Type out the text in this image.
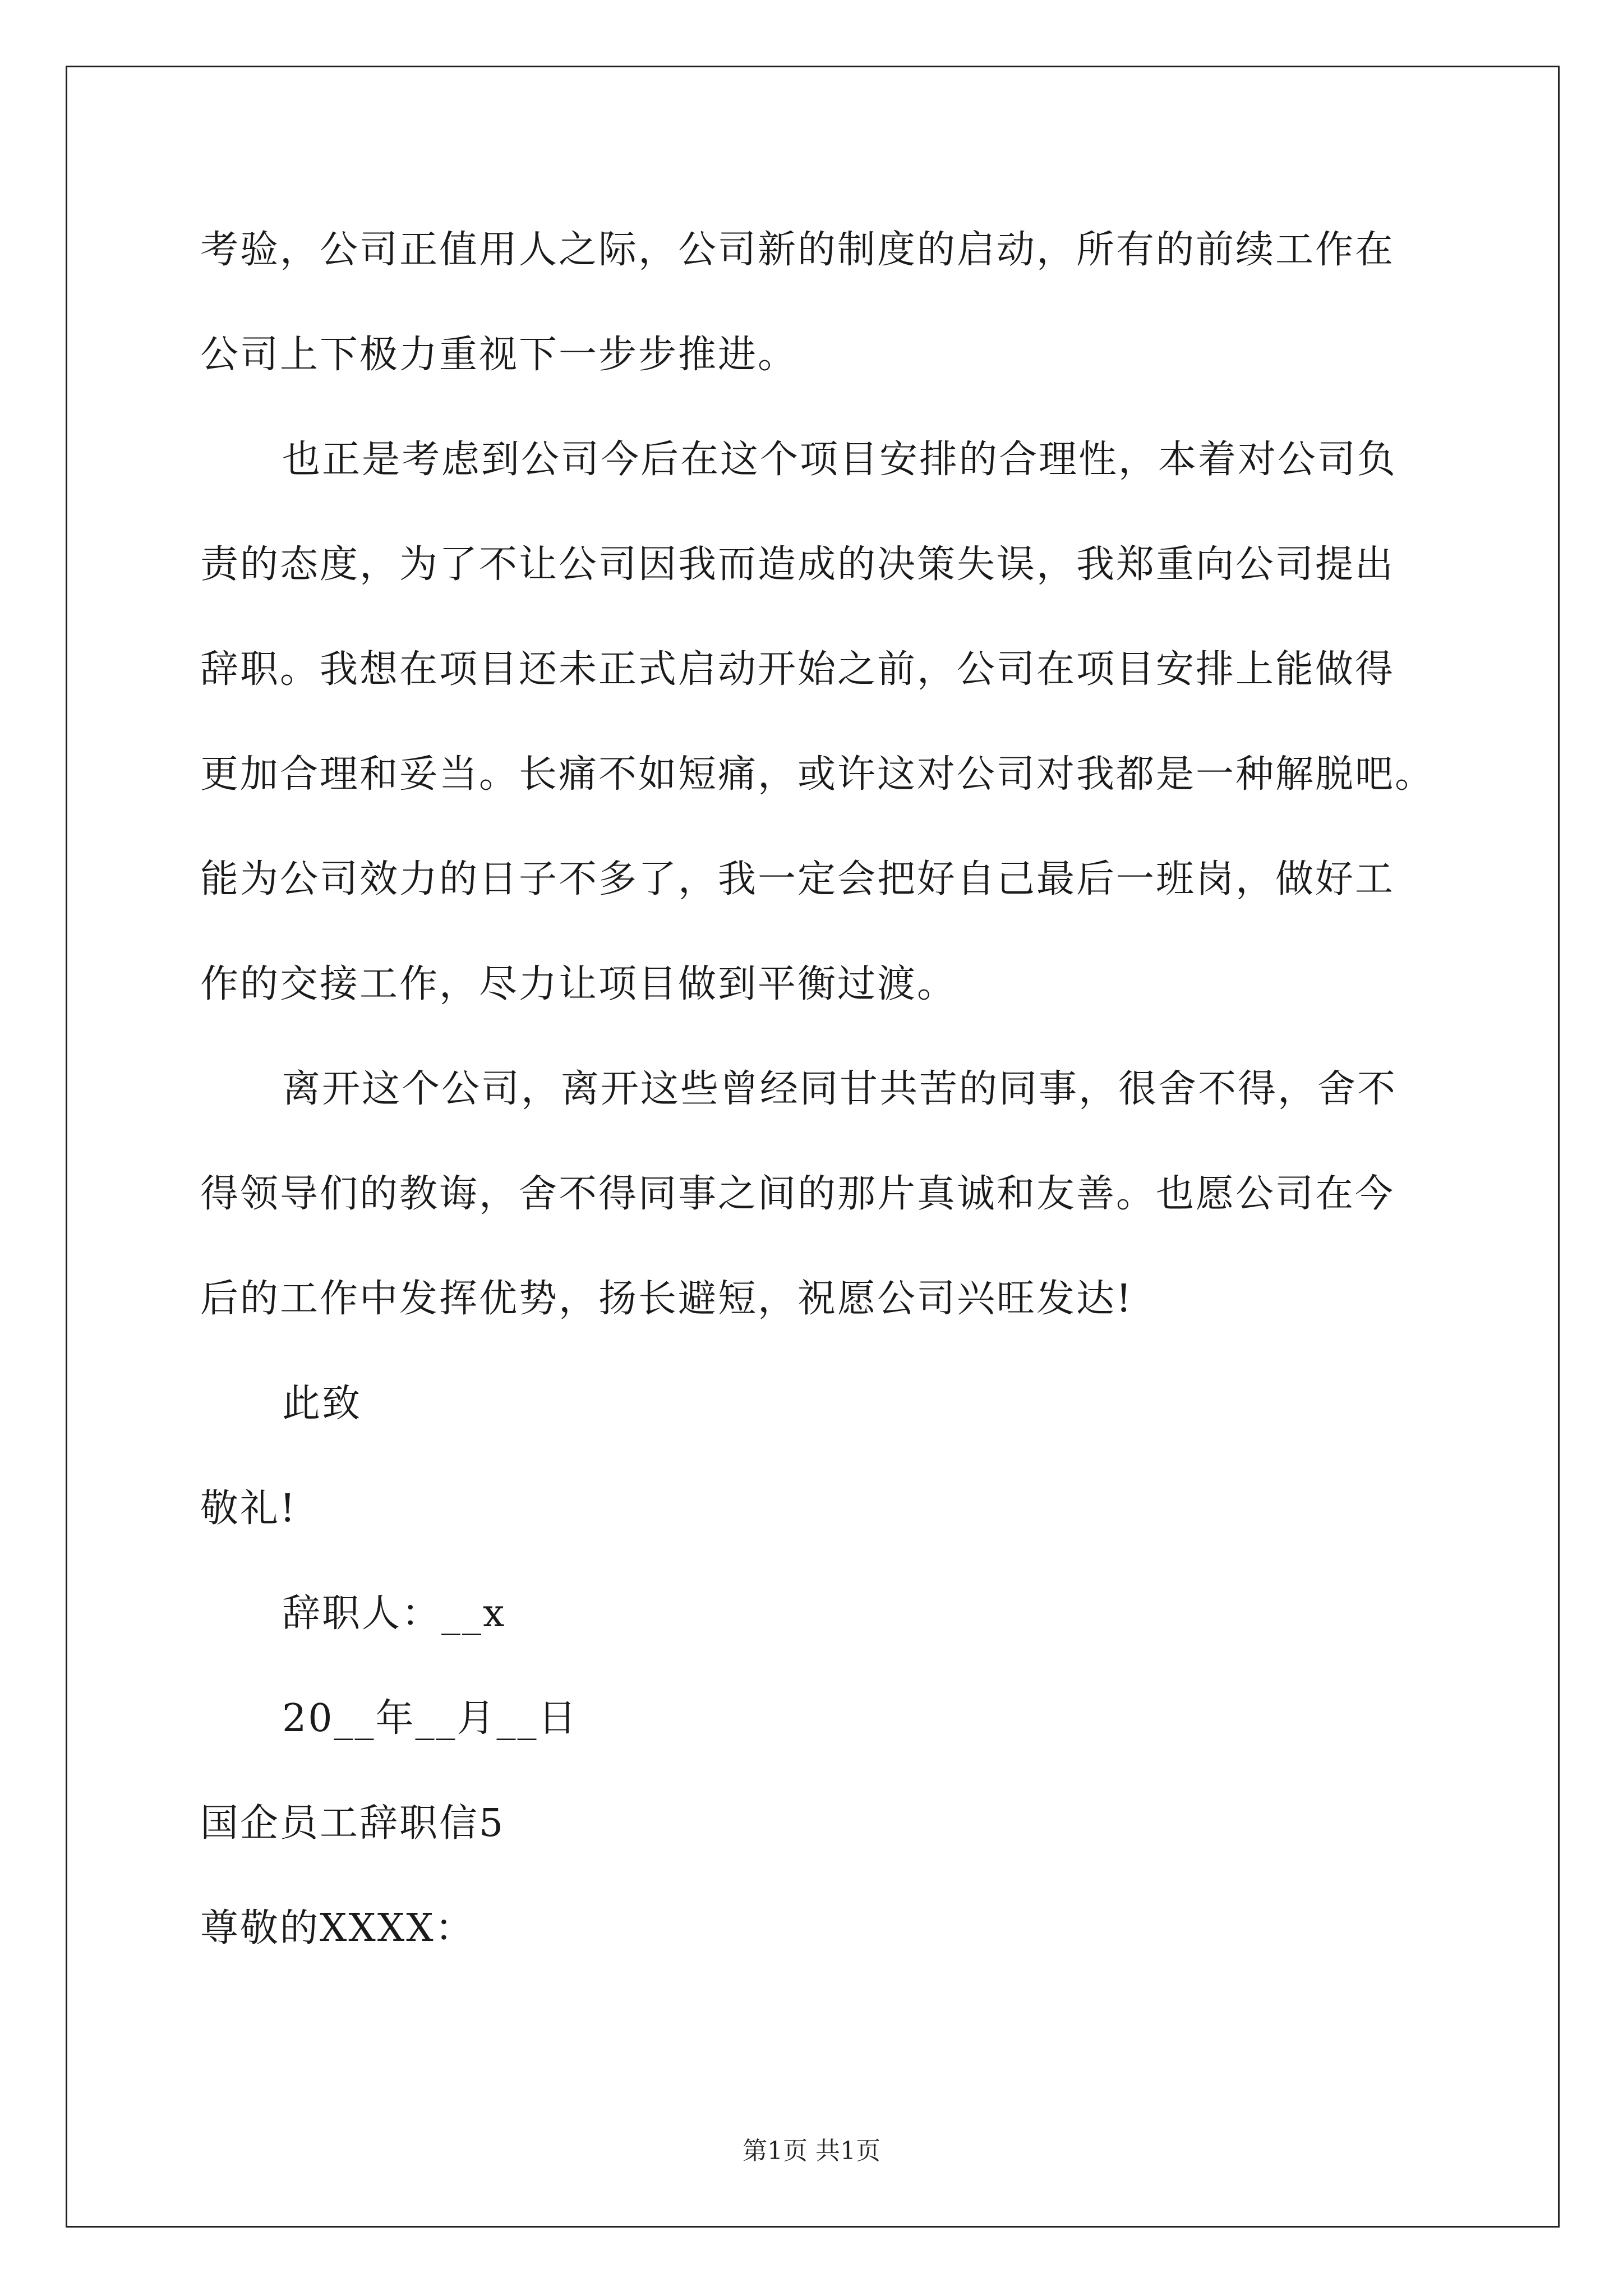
考验，公司正值用人之际，公司新的制度的启动，所有的前续工作在
公司上下极力重视下一步步推进。
也正是考虑到公司今后在这个项目安排的合理性，本着对公司负
责的态度，为了不让公司因我而造成的决策失误，我郑重向公司提出
辞职。我想在项目还未正式启动开始之前，公司在项目安排上能做得
更加合理和妥当。长痛不如短痛，或许这对公司对我都是一种解脱吧。
能为公司效力的日子不多了，我一定会把好自己最后一班岗，做好工
作的交接工作，尽力让项目做到平衡过渡。
离开这个公司，离开这些曾经同甘共苦的同事，很舍不得，舍不
得领导们的教诲，舍不得同事之间的那片真诚和友善。也愿公司在今
后的工作中发挥优势，扬长避短，祝愿公司兴旺发达!
此致
敬礼!
辞职人：__x
20__年__月__日
国企员工辞职信5
尊敬的XXXX：
第1页 共1页
